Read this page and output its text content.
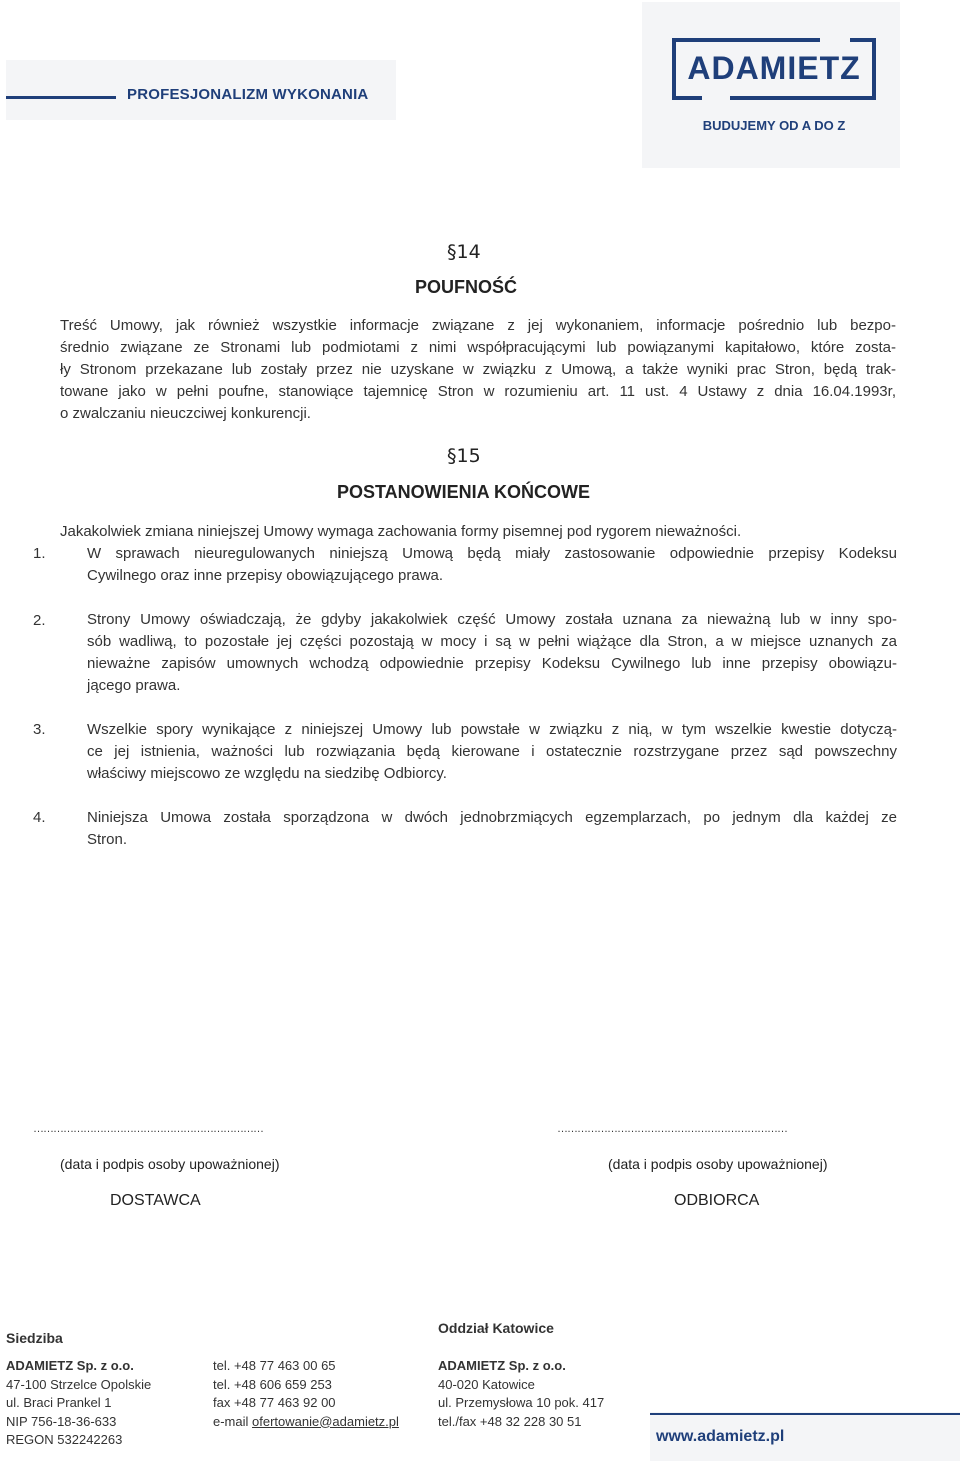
PROFESJONALIZM WYKONANIA
ADAMIETZ
BUDUJEMY OD A DO Z
§14
POUFNOŚĆ
Treść Umowy, jak również wszystkie informacje związane z jej wykonaniem, informacje pośrednio lub bezpo-
średnio związane ze Stronami lub podmiotami z nimi współpracującymi lub powiązanymi kapitałowo, które zosta-
ły Stronom przekazane lub zostały przez nie uzyskane w związku z Umową, a także wyniki prac Stron, będą trak-
towane jako w pełni poufne, stanowiące tajemnicę Stron w rozumieniu art. 11 ust. 4 Ustawy z dnia 16.04.1993r,
o zwalczaniu nieuczciwej konkurencji.
§15
POSTANOWIENIA KOŃCOWE
Jakakolwiek zmiana niniejszej Umowy wymaga zachowania formy pisemnej pod rygorem nieważności.
1.	W sprawach nieuregulowanych niniejszą Umową będą miały zastosowanie odpowiednie przepisy Kodeksu
Cywilnego oraz inne przepisy obowiązującego prawa.
2.	Strony Umowy oświadczają, że gdyby jakakolwiek część Umowy została uznana za nieważną lub w inny spo-
sób wadliwą, to pozostałe jej części pozostają w mocy i są w pełni wiążące dla Stron, a w miejsce uznanych za
nieważne zapisów umownych wchodzą odpowiednie przepisy Kodeksu Cywilnego lub inne przepisy obowiązu-
jącego prawa.
3.	Wszelkie spory wynikające z niniejszej Umowy lub powstałe w związku z nią, w tym wszelkie kwestie dotyczą-
ce jej istnienia, ważności lub rozwiązania będą kierowane i ostatecznie rozstrzygane przez sąd powszechny
właściwy miejscowo ze względu na siedzibę Odbiorcy.
4.	Niniejsza Umowa została sporządzona w dwóch jednobrzmiących egzemplarzach, po jednym dla każdej ze
Stron.
……………………………………………………………	……………………………………………………………
(data i podpis osoby upoważnionej)	(data i podpis osoby upoważnionej)
DOSTAWCA	ODBIORCA
Siedziba
ADAMIETZ Sp. z o.o.
47-100 Strzelce Opolskie
ul. Braci Prankel 1
NIP 756-18-36-633
REGON 532242263
tel. +48 77 463 00 65
tel. +48 606 659 253
fax +48 77 463 92 00
e-mail ofertowanie@adamietz.pl
Oddział Katowice
ADAMIETZ Sp. z o.o.
40-020 Katowice
ul. Przemysłowa 10 pok. 417
tel./fax +48 32 228 30 51
www.adamietz.pl
